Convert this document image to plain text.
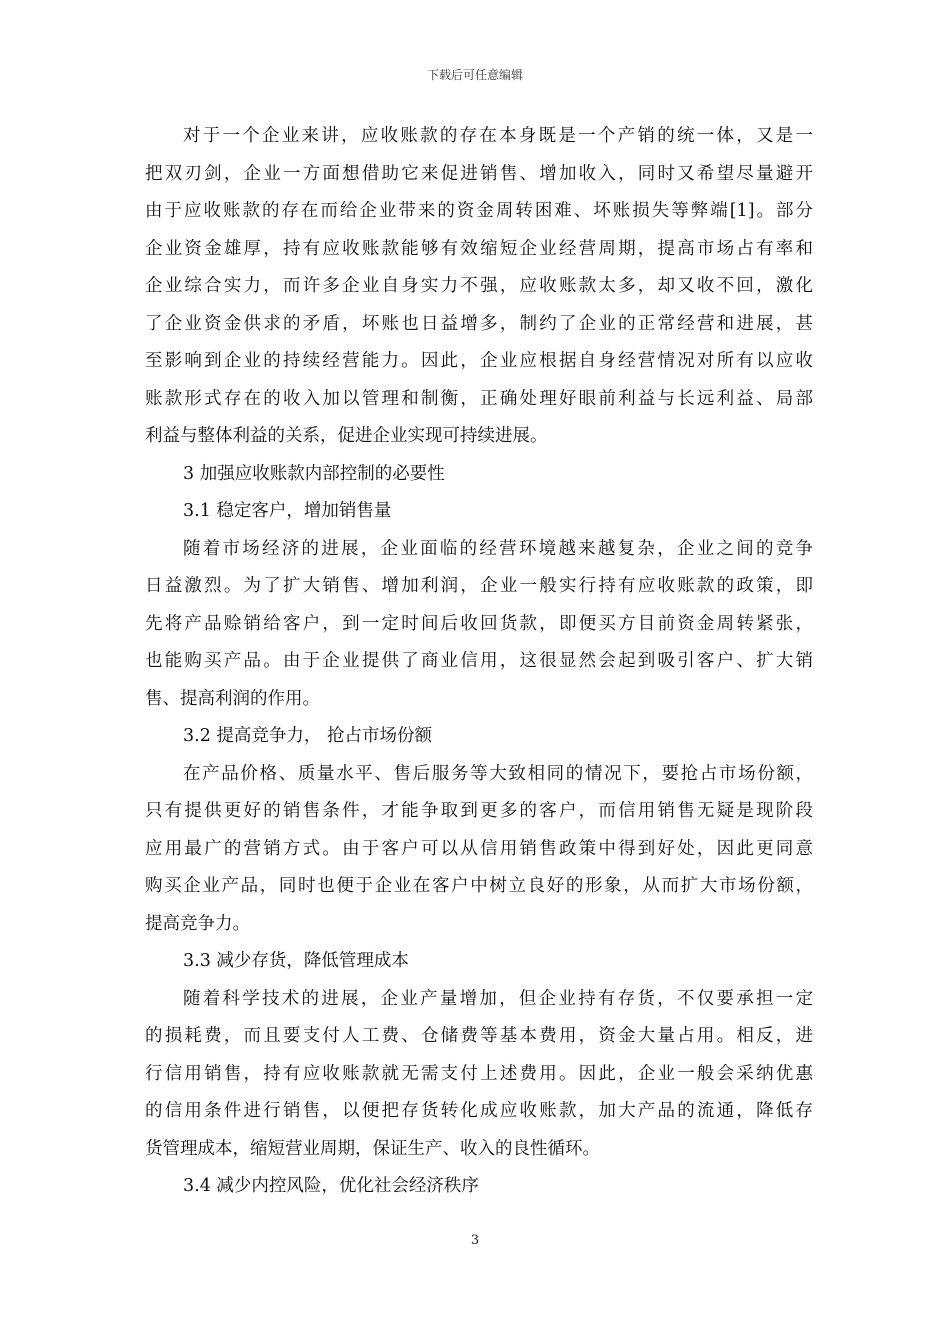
下载后可任意编辑
对于一个企业来讲，应收账款的存在本身既是一个产销的统一体，又是一
把双刃剑，企业一方面想借助它来促进销售、增加收入，同时又希望尽量避开
由于应收账款的存在而给企业带来的资金周转困难、坏账损失等弊端[1]。部分
企业资金雄厚，持有应收账款能够有效缩短企业经营周期，提高市场占有率和
企业综合实力，而许多企业自身实力不强，应收账款太多，却又收不回，激化
了企业资金供求的矛盾，坏账也日益增多，制约了企业的正常经营和进展，甚
至影响到企业的持续经营能力。因此，企业应根据自身经营情况对所有以应收
账款形式存在的收入加以管理和制衡，正确处理好眼前利益与长远利益、局部
利益与整体利益的关系，促进企业实现可持续进展。
3 加强应收账款内部控制的必要性
3.1 稳定客户，增加销售量
随着市场经济的进展，企业面临的经营环境越来越复杂，企业之间的竞争
日益激烈。为了扩大销售、增加利润，企业一般实行持有应收账款的政策，即
先将产品赊销给客户，到一定时间后收回货款，即便买方目前资金周转紧张，
也能购买产品。由于企业提供了商业信用，这很显然会起到吸引客户、扩大销
售、提高利润的作用。
3.2 提高竞争力， 抢占市场份额
在产品价格、质量水平、售后服务等大致相同的情况下，要抢占市场份额，
只有提供更好的销售条件，才能争取到更多的客户，而信用销售无疑是现阶段
应用最广的营销方式。由于客户可以从信用销售政策中得到好处，因此更同意
购买企业产品，同时也便于企业在客户中树立良好的形象，从而扩大市场份额，
提高竞争力。
3.3 减少存货，降低管理成本
随着科学技术的进展，企业产量增加，但企业持有存货，不仅要承担一定
的损耗费，而且要支付人工费、仓储费等基本费用，资金大量占用。相反，进
行信用销售，持有应收账款就无需支付上述费用。因此，企业一般会采纳优惠
的信用条件进行销售，以便把存货转化成应收账款，加大产品的流通，降低存
货管理成本，缩短营业周期，保证生产、收入的良性循环。
3.4 减少内控风险，优化社会经济秩序
3
